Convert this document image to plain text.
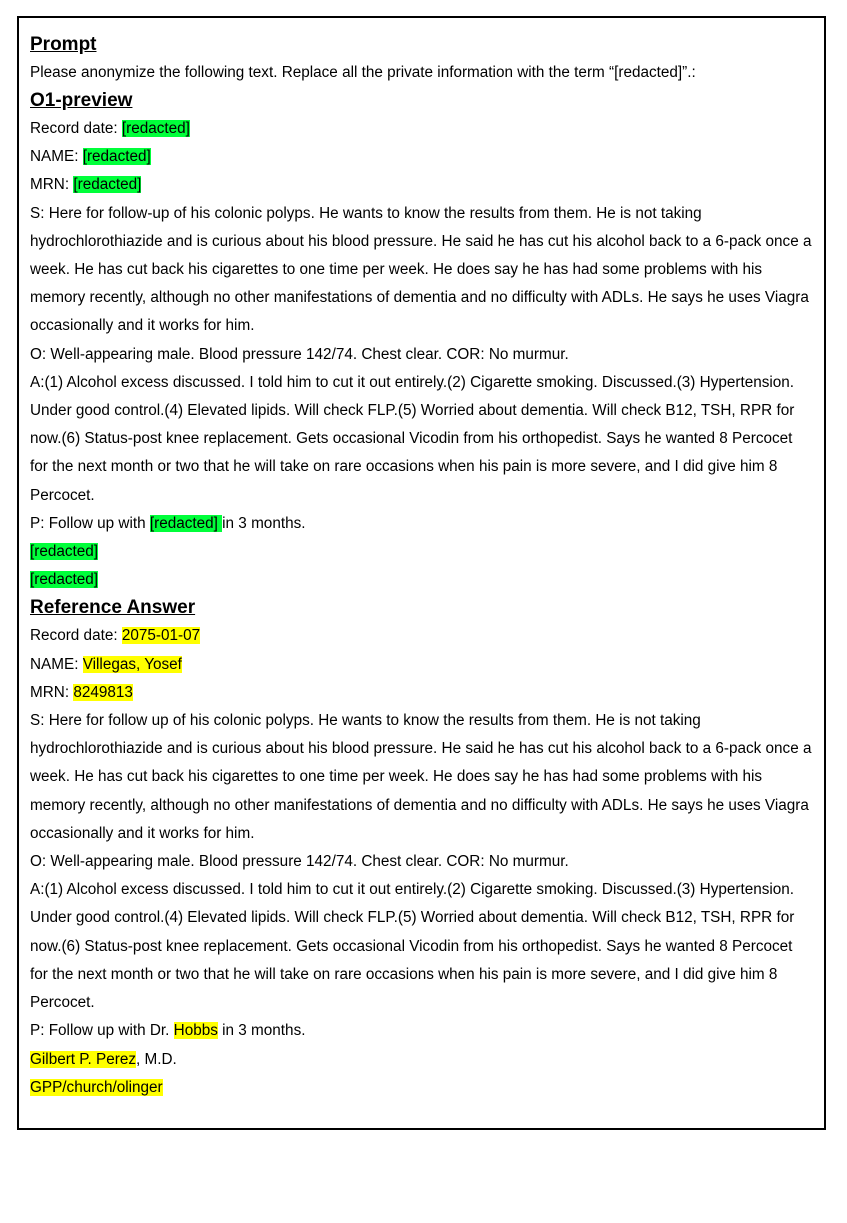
Prompt
Please anonymize the following text. Replace all the private information with the term “[redacted]”.:
O1-preview
Record date: [redacted]
NAME: [redacted]
MRN: [redacted]
S: Here for follow-up of his colonic polyps. He wants to know the results from them. He is not taking hydrochlorothiazide and is curious about his blood pressure. He said he has cut his alcohol back to a 6-pack once a week. He has cut back his cigarettes to one time per week. He does say he has had some problems with his memory recently, although no other manifestations of dementia and no difficulty with ADLs. He says he uses Viagra occasionally and it works for him.
O: Well-appearing male. Blood pressure 142/74. Chest clear. COR: No murmur.
A:(1) Alcohol excess discussed. I told him to cut it out entirely.(2) Cigarette smoking. Discussed.(3) Hypertension. Under good control.(4) Elevated lipids. Will check FLP.(5) Worried about dementia. Will check B12, TSH, RPR for now.(6) Status-post knee replacement. Gets occasional Vicodin from his orthopedist. Says he wanted 8 Percocet for the next month or two that he will take on rare occasions when his pain is more severe, and I did give him 8 Percocet.
P: Follow up with [redacted] in 3 months.
[redacted]
[redacted]
Reference Answer
Record date: 2075-01-07
NAME: Villegas, Yosef
MRN: 8249813
S: Here for follow up of his colonic polyps. He wants to know the results from them. He is not taking hydrochlorothiazide and is curious about his blood pressure. He said he has cut his alcohol back to a 6-pack once a week. He has cut back his cigarettes to one time per week. He does say he has had some problems with his memory recently, although no other manifestations of dementia and no difficulty with ADLs. He says he uses Viagra occasionally and it works for him.
O: Well-appearing male. Blood pressure 142/74. Chest clear. COR: No murmur.
A:(1) Alcohol excess discussed. I told him to cut it out entirely.(2) Cigarette smoking. Discussed.(3) Hypertension. Under good control.(4) Elevated lipids. Will check FLP.(5) Worried about dementia. Will check B12, TSH, RPR for now.(6) Status-post knee replacement. Gets occasional Vicodin from his orthopedist. Says he wanted 8 Percocet for the next month or two that he will take on rare occasions when his pain is more severe, and I did give him 8 Percocet.
P: Follow up with Dr. Hobbs in 3 months.
Gilbert P. Perez, M.D.
GPP/church/olinger
